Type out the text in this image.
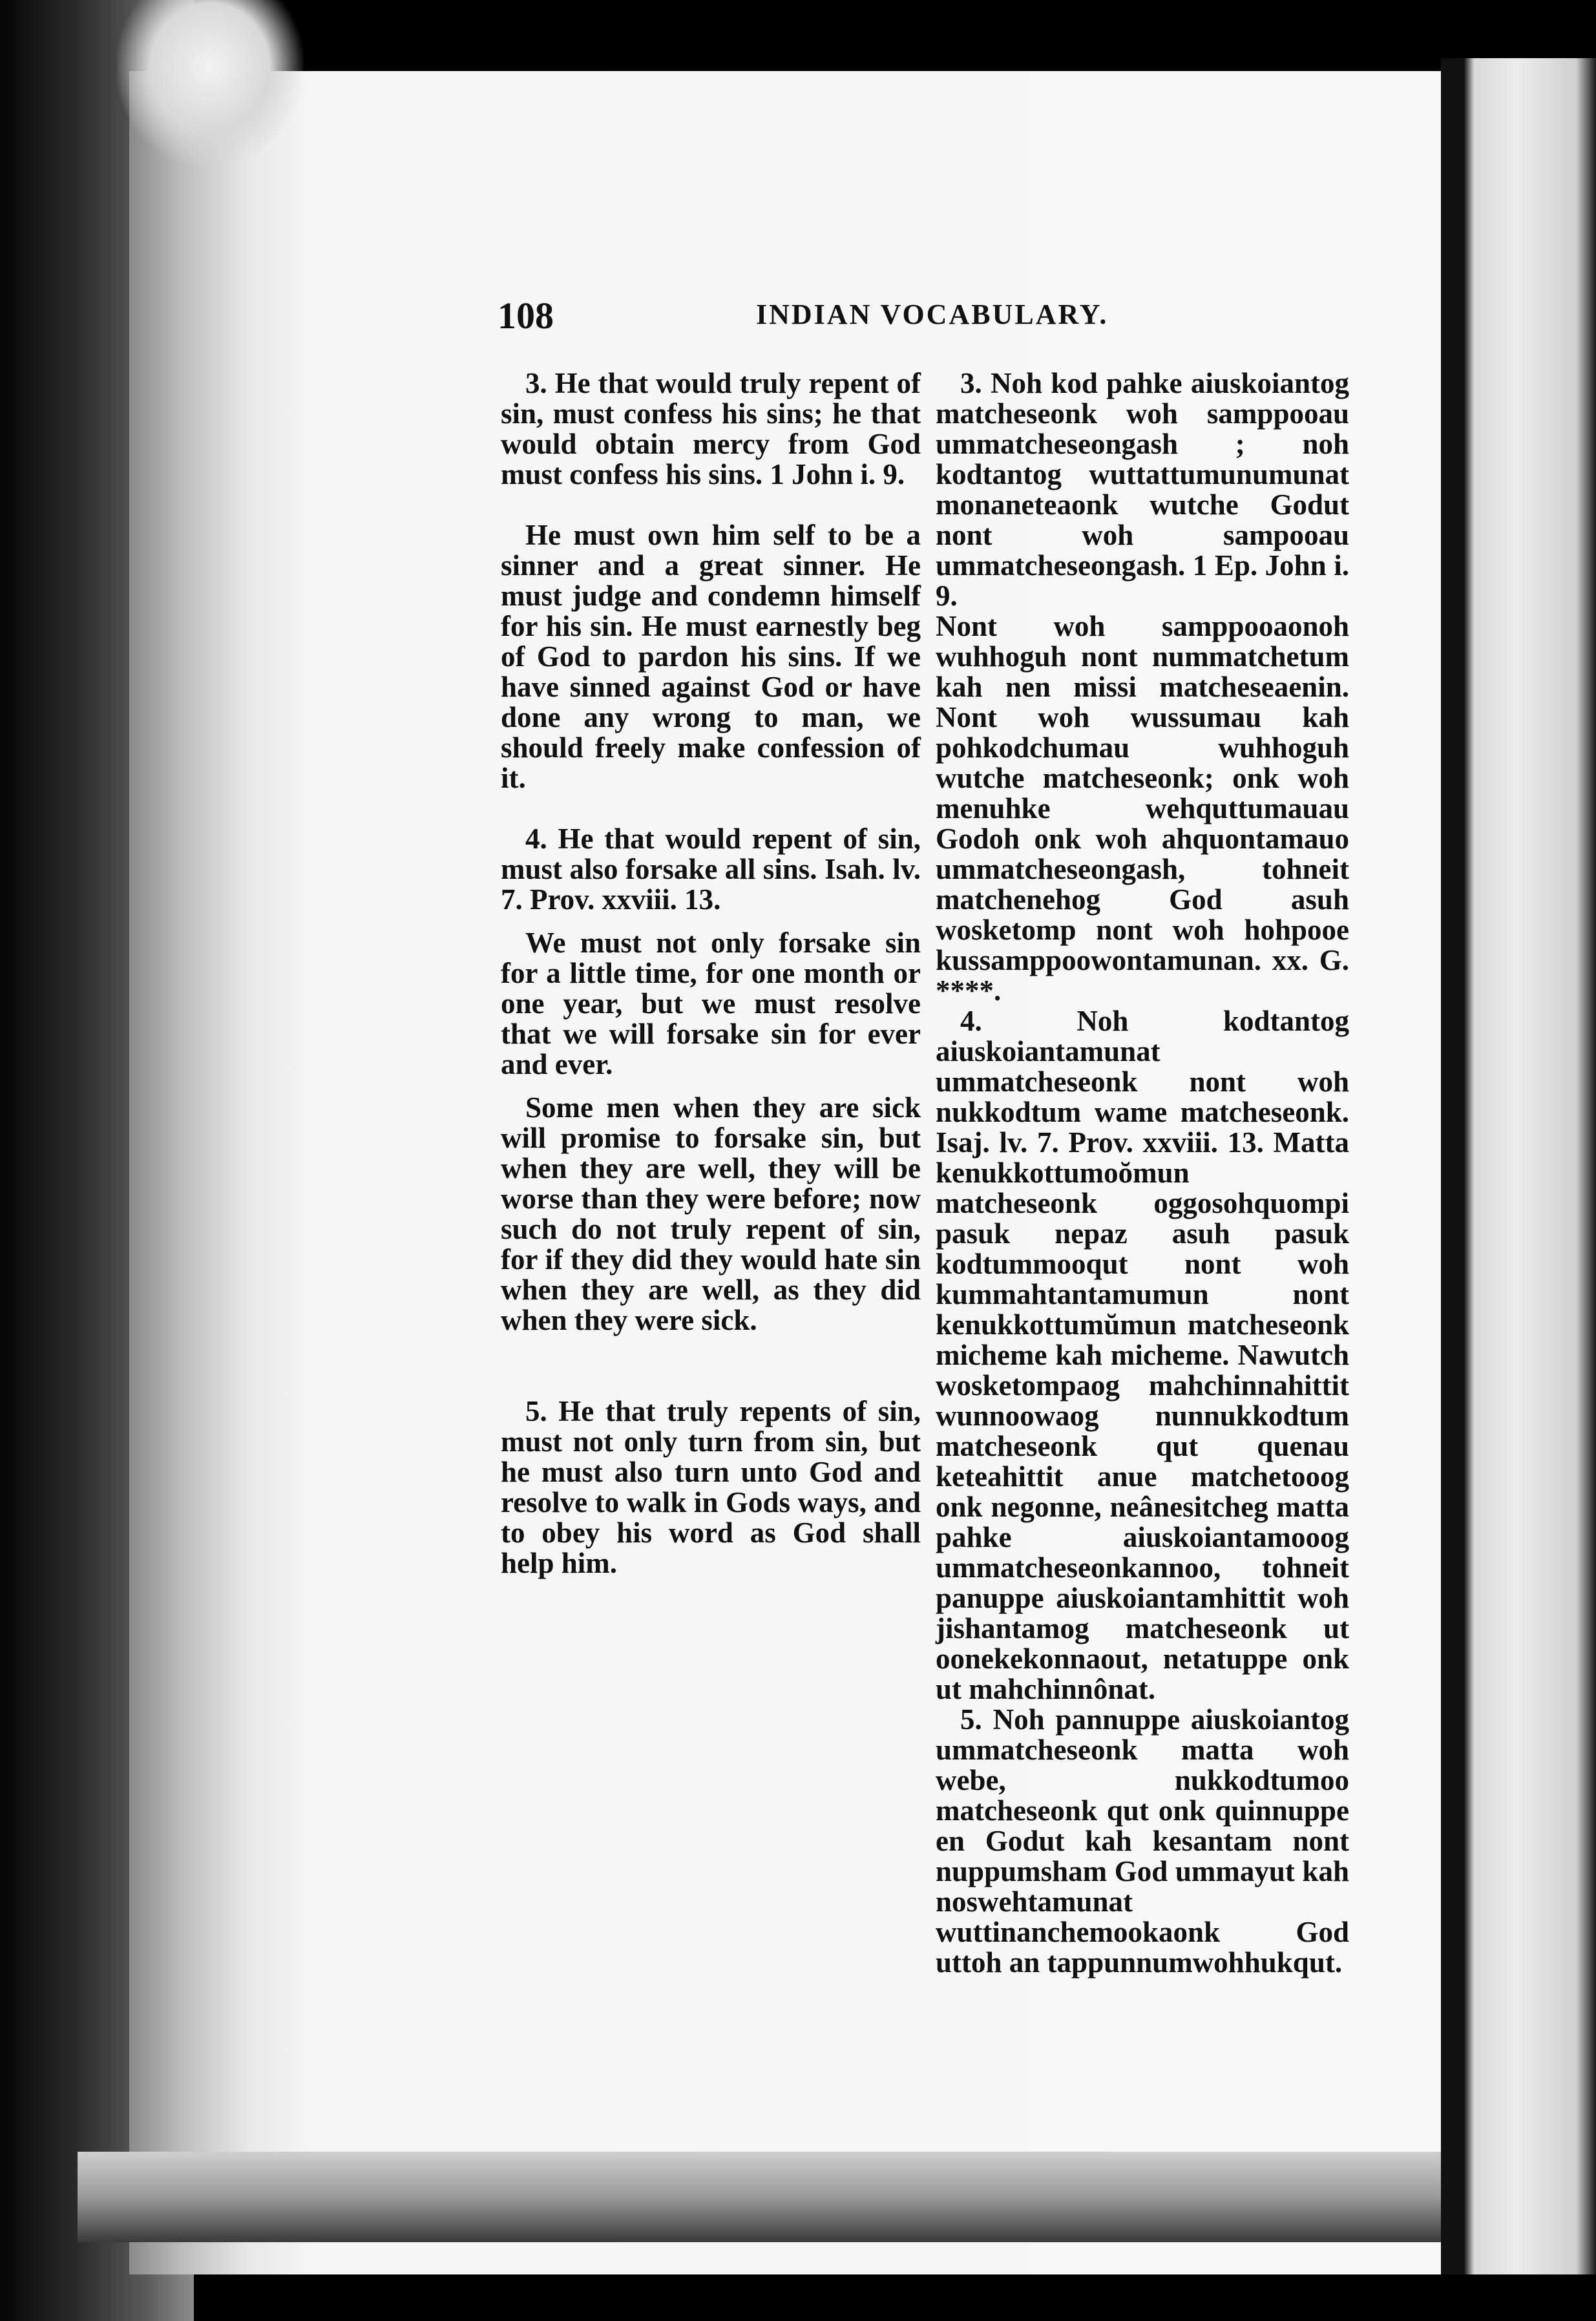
108	INDIAN VOCABULARY.

3. He that would truly repent of sin, must confess his sins; he that would obtain mercy from God must confess his sins. 1 John i. 9.

He must own him self to be a sinner and a great sinner. He must judge and condemn himself for his sin. He must earnestly beg of God to pardon his sins. If we have sinned against God or have done any wrong to man, we should freely make confession of it.

4. He that would repent of sin, must also forsake all sins. Isah. lv. 7. Prov. xxviii. 13.

We must not only forsake sin for a little time, for one month or one year, but we must resolve that we will forsake sin for ever and ever.

Some men when they are sick will promise to forsake sin, but when they are well, they will be worse than they were before; now such do not truly repent of sin, for if they did they would hate sin when they are well, as they did when they were sick.

5. He that truly repents of sin, must not only turn from sin, but he must also turn unto God and resolve to walk in Gods ways, and to obey his word as God shall help him.

3. Noh kod pahke aiuskoiantog matcheseonk woh samppooau ummatcheseongash ; noh kodtantog wuttattumunumunat monaneteaonk wutche Godut nont woh sampooau ummatcheseongash. 1 Ep. John i. 9.

Nont woh samppooaonoh wuhhoguh nont nummatchetum kah nen missi matcheseaenin. Nont woh wussumau kah pohkodchumau wuhhoguh wutche matcheseonk; onk woh menuhke wehquttumauau Godoh onk woh ahquontamauo ummatcheseongash, tohneit matchenehog God asuh wosketomp nont woh hohpooe kussamppoowontamunan. xx. G. ****.

4. Noh kodtantog aiuskoiantamunat ummatcheseonk nont woh nukkodtum wame matcheseonk. Isaj. lv. 7. Prov. xxviii. 13. Matta kenukkottumoŏmun matcheseonk oggosohquompi pasuk nepaz asuh pasuk kodtummooqut nont woh kummahtantamumun nont kenukkottumŭmun matcheseonk micheme kah micheme. Nawutch wosketompaog mahchinnahittit wunnoowaog nunnukkodtum matcheseonk qut quenau keteahittit anue matchetooog onk negonne, neânesitcheg matta pahke aiuskoiantamooog ummatcheseonkannoo, tohneit panuppe aiuskoiantamhittit woh jishantamog matcheseonk ut oonekekonnaout, netatuppe onk ut mahchinnônat.

5. Noh pannuppe aiuskoiantog ummatcheseonk matta woh webe, nukkodtumoo matcheseonk qut onk quinnuppe en Godut kah kesantam nont nuppumsham God ummayut kah noswehtamunat wuttinanchemookaonk God uttoh an tappunnumwohhukqut.
